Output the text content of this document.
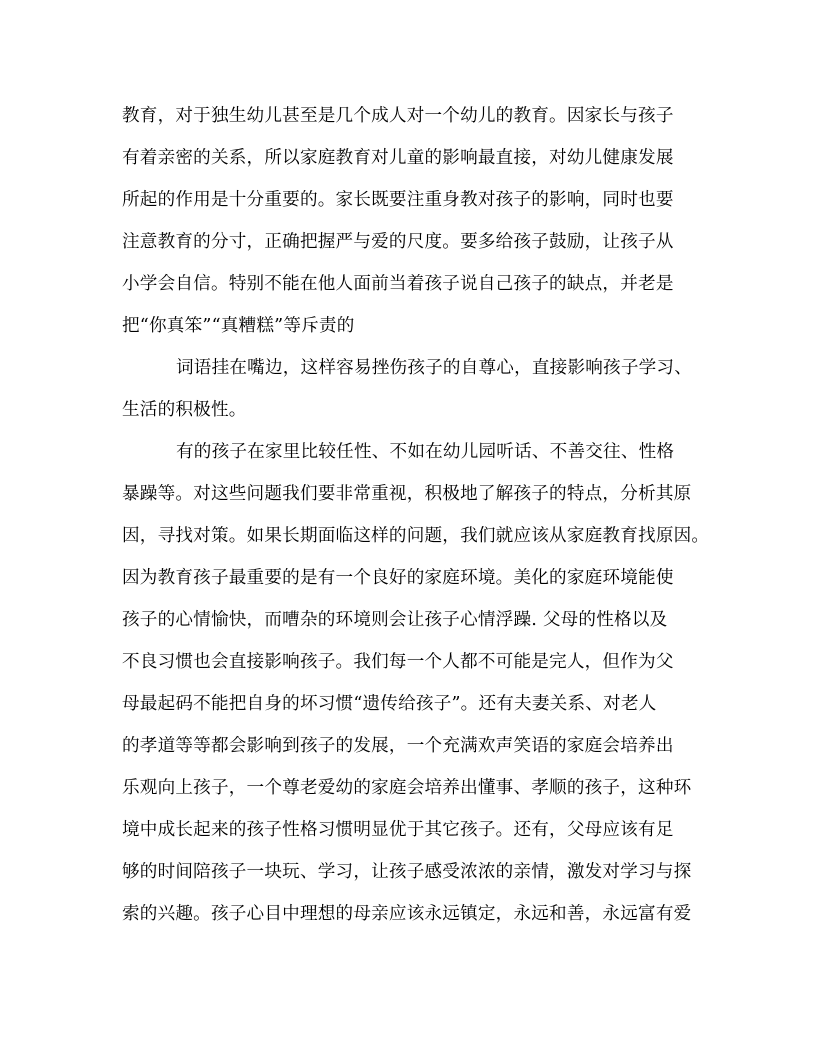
教育，对于独生幼儿甚至是几个成人对一个幼儿的教育。因家长与孩子
有着亲密的关系，所以家庭教育对儿童的影响最直接，对幼儿健康发展
所起的作用是十分重要的。家长既要注重身教对孩子的影响，同时也要
注意教育的分寸，正确把握严与爱的尺度。要多给孩子鼓励，让孩子从
小学会自信。特别不能在他人面前当着孩子说自己孩子的缺点，并老是
把“你真笨”“真糟糕”等斥责的
词语挂在嘴边，这样容易挫伤孩子的自尊心，直接影响孩子学习、
生活的积极性。
有的孩子在家里比较任性、不如在幼儿园听话、不善交往、性格
暴躁等。对这些问题我们要非常重视，积极地了解孩子的特点，分析其原
因，寻找对策。如果长期面临这样的问题，我们就应该从家庭教育找原因。
因为教育孩子最重要的是有一个良好的家庭环境。美化的家庭环境能使
孩子的心情愉快，而嘈杂的环境则会让孩子心情浮躁. 父母的性格以及
不良习惯也会直接影响孩子。我们每一个人都不可能是完人，但作为父
母最起码不能把自身的坏习惯“遗传给孩子”。还有夫妻关系、对老人
的孝道等等都会影响到孩子的发展，一个充满欢声笑语的家庭会培养出
乐观向上孩子，一个尊老爱幼的家庭会培养出懂事、孝顺的孩子，这种环
境中成长起来的孩子性格习惯明显优于其它孩子。还有，父母应该有足
够的时间陪孩子一块玩、学习，让孩子感受浓浓的亲情，激发对学习与探
索的兴趣。孩子心目中理想的母亲应该永远镇定，永远和善，永远富有爱
